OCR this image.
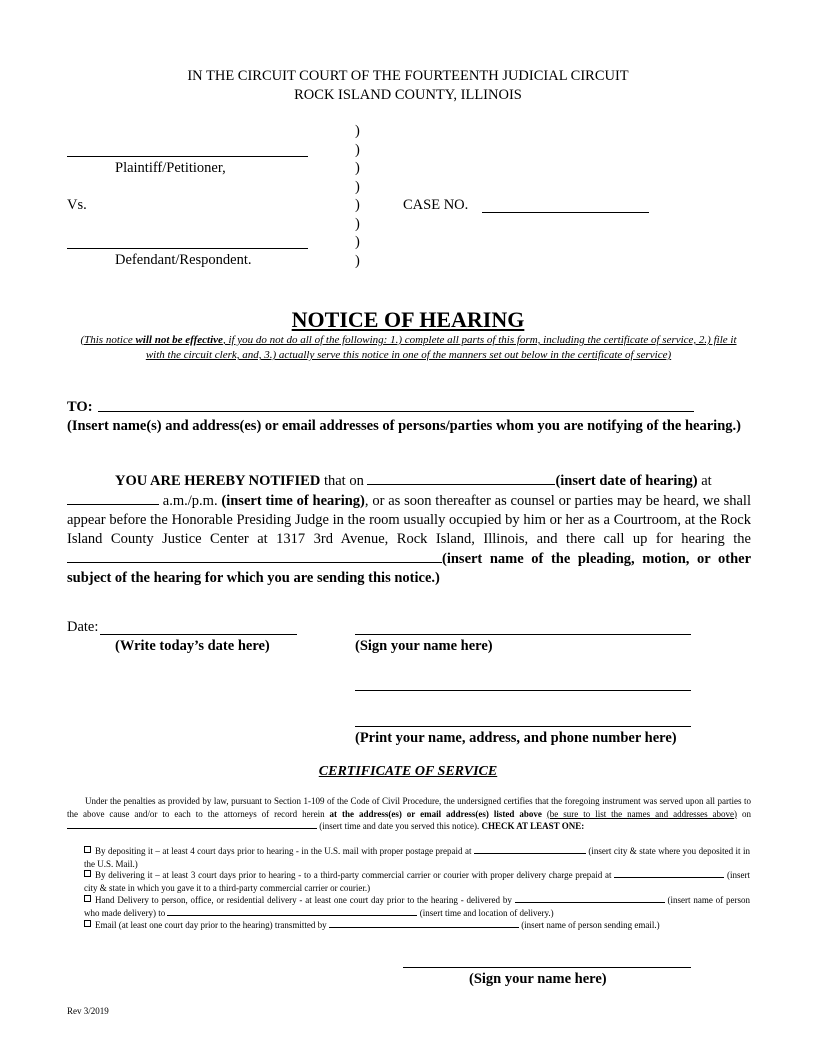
IN THE CIRCUIT COURT OF THE FOURTEENTH JUDICIAL CIRCUIT
ROCK ISLAND COUNTY, ILLINOIS
Plaintiff/Petitioner,
Vs.
Defendant/Respondent.
)
)
)
)
)
)
)
)
CASE NO.
NOTICE OF HEARING
(This notice will not be effective, if you do not do all of the following: 1.) complete all parts of this form, including the certificate of service, 2.) file it with the circuit clerk, and, 3.) actually serve this notice in one of the manners set out below in the certificate of service)
TO:
(Insert name(s) and address(es) or email addresses of persons/parties whom you are notifying of the hearing.)
YOU ARE HEREBY NOTIFIED that on	(insert date of hearing) at
a.m./p.m. (insert time of hearing), or as soon thereafter as counsel or parties may be heard, we shall appear before the Honorable Presiding Judge in the room usually occupied by him or her as a Courtroom, at the Rock Island County Justice Center at 1317 3rd Avenue, Rock Island, Illinois, and there call up for hearing the (insert name of the pleading, motion, or other subject of the hearing for which you are sending this notice.)
Date:
(Write today’s date here)	(Sign your name here)
(Print your name, address, and phone number here)
CERTIFICATE OF SERVICE
Under the penalties as provided by law, pursuant to Section 1-109 of the Code of Civil Procedure, the undersigned certifies that the foregoing instrument was served upon all parties to the above cause and/or to each to the attorneys of record herein at the address(es) or email address(es) listed above (be sure to list the names and addresses above) on (insert time and date you served this notice). CHECK AT LEAST ONE:
By depositing it – at least 4 court days prior to hearing - in the U.S. mail with proper postage prepaid at	(insert city & state where you deposited it in the U.S. Mail.)
By delivering it – at least 3 court days prior to hearing - to a third-party commercial carrier or courier with proper delivery charge prepaid at	(insert city & state in which you gave it to a third-party commercial carrier or courier.)
Hand Delivery to person, office, or residential delivery - at least one court day prior to the hearing - delivered by	(insert name of person who made delivery) to	(insert time and location of delivery.)
Email (at least one court day prior to the hearing) transmitted by	(insert name of person sending email.)
(Sign your name here)
Rev 3/2019
